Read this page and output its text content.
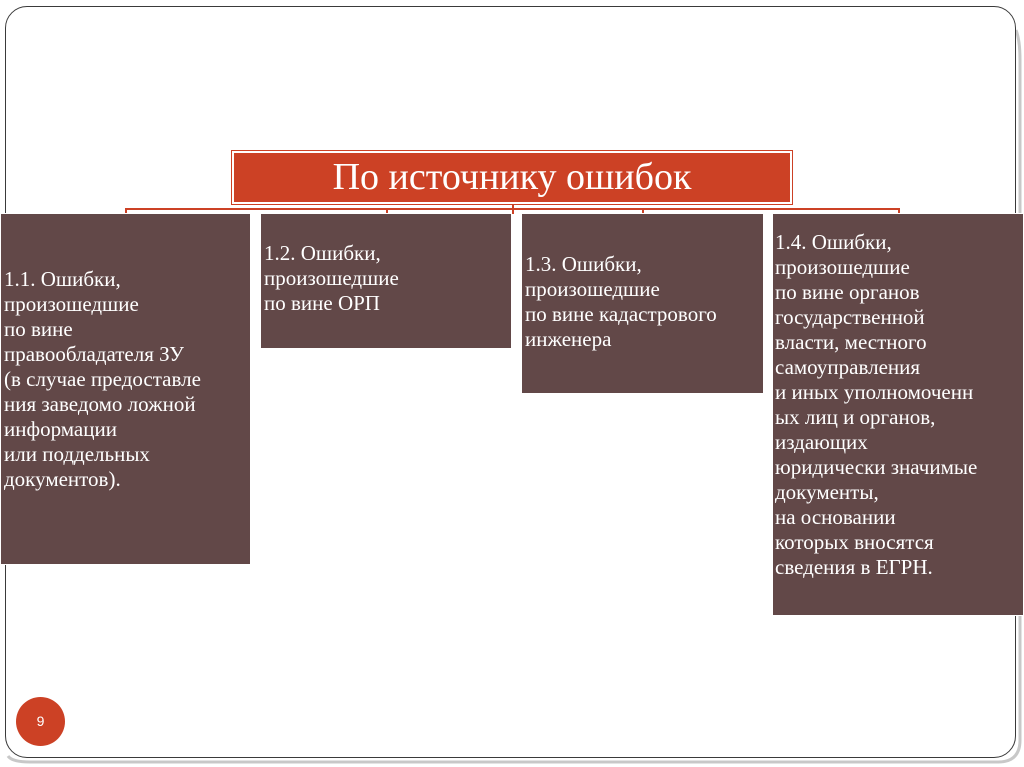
По источнику ошибок
1.1. Ошибки,
произошедшие
по вине
правообладателя ЗУ
(в случае предоставле
ния заведомо ложной
информации
или поддельных
документов).
1.2. Ошибки,
произошедшие
по вине ОРП
1.3. Ошибки,
произошедшие
по вине кадастрового
инженера
1.4. Ошибки,
произошедшие
по вине органов
государственной
власти, местного
самоуправления
и иных уполномоченн
ых лиц и органов,
издающих
юридически значимые
документы,
на основании
которых вносятся
сведения в ЕГРН.
9
